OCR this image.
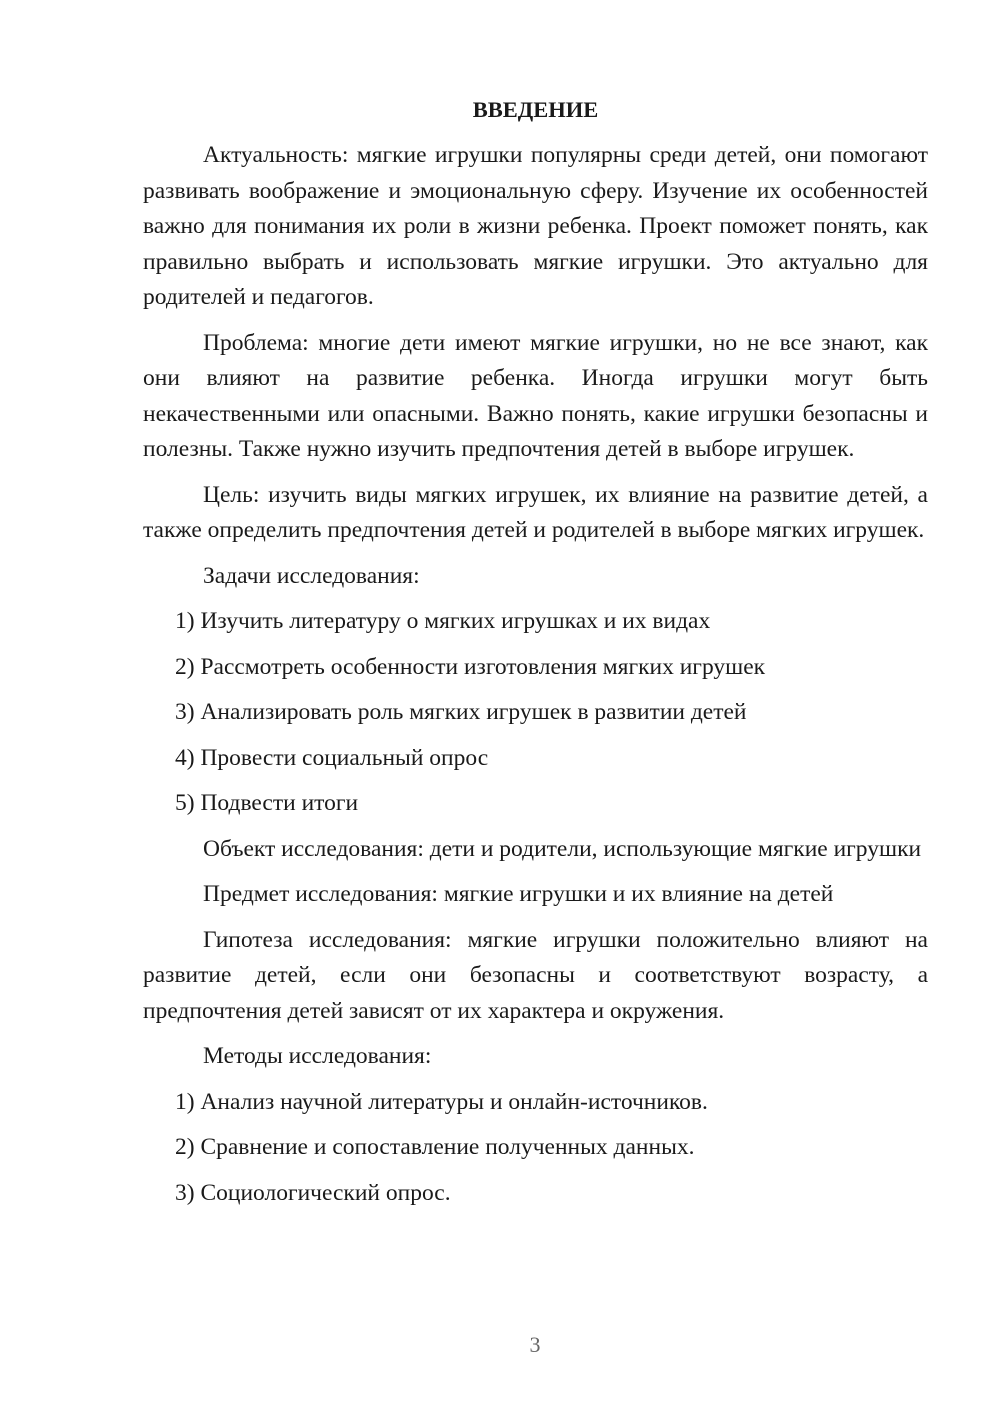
ВВЕДЕНИЕ

Актуальность: мягкие игрушки популярны среди детей, они помогают развивать воображение и эмоциональную сферу. Изучение их особенностей важно для понимания их роли в жизни ребенка. Проект поможет понять, как правильно выбрать и использовать мягкие игрушки. Это актуально для родителей и педагогов.

Проблема: многие дети имеют мягкие игрушки, но не все знают, как они влияют на развитие ребенка. Иногда игрушки могут быть некачественными или опасными. Важно понять, какие игрушки безопасны и полезны. Также нужно изучить предпочтения детей в выборе игрушек.

Цель: изучить виды мягких игрушек, их влияние на развитие детей, а также определить предпочтения детей и родителей в выборе мягких игрушек.

Задачи исследования:

1) Изучить литературу о мягких игрушках и их видах
2) Рассмотреть особенности изготовления мягких игрушек
3) Анализировать роль мягких игрушек в развитии детей
4) Провести социальный опрос
5) Подвести итоги

Объект исследования: дети и родители, использующие мягкие игрушки

Предмет исследования: мягкие игрушки и их влияние на детей

Гипотеза исследования: мягкие игрушки положительно влияют на развитие детей, если они безопасны и соответствуют возрасту, а предпочтения детей зависят от их характера и окружения.

Методы исследования:

1) Анализ научной литературы и онлайн-источников.
2) Сравнение и сопоставление полученных данных.
3) Социологический опрос.
3
